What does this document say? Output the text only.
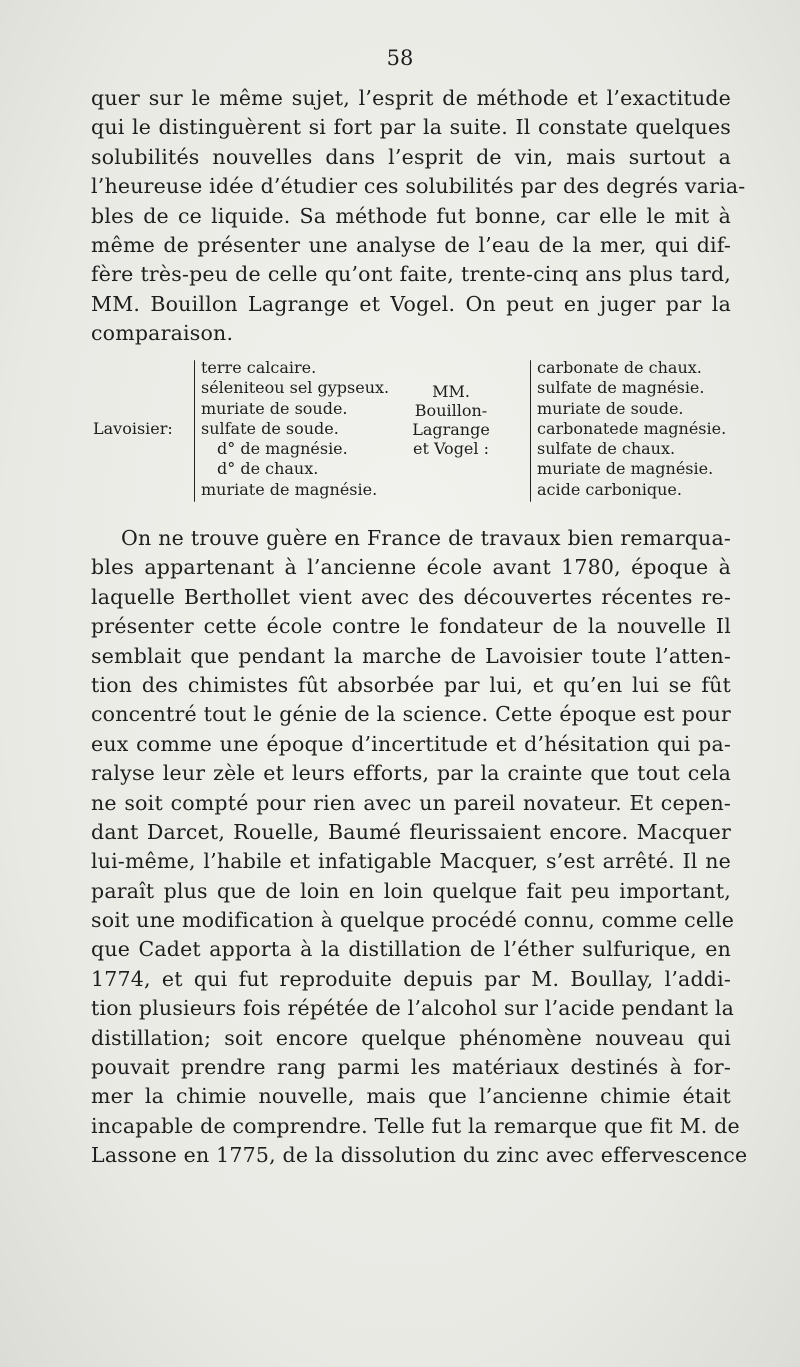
58
quer sur le même sujet, l’esprit de méthode et l’exactitude
qui le distinguèrent si fort par la suite. Il constate quelques
solubilités nouvelles dans l’esprit de vin, mais surtout a
l’heureuse idée d’étudier ces solubilités par des degrés varia-
bles de ce liquide. Sa méthode fut bonne, car elle le mit à
même de présenter une analyse de l’eau de la mer, qui dif-
fère très-peu de celle qu’ont faite, trente-cinq ans plus tard,
MM. Bouillon Lagrange et Vogel. On peut en juger par la
comparaison.
Lavoisier:
terre calcaire.
séleniteou sel gypseux.
muriate de soude.
sulfate de soude.
d° de magnésie.
d° de chaux.
muriate de magnésie.
MM.
Bouillon-
Lagrange
et Vogel :
carbonate de chaux.
sulfate de magnésie.
muriate de soude.
carbonatede magnésie.
sulfate de chaux.
muriate de magnésie.
acide carbonique.
On ne trouve guère en France de travaux bien remarqua-
bles appartenant à l’ancienne école avant 1780, époque à
laquelle Berthollet vient avec des découvertes récentes re-
présenter cette école contre le fondateur de la nouvelle Il
semblait que pendant la marche de Lavoisier toute l’atten-
tion des chimistes fût absorbée par lui, et qu’en lui se fût
concentré tout le génie de la science. Cette époque est pour
eux comme une époque d’incertitude et d’hésitation qui pa-
ralyse leur zèle et leurs efforts, par la crainte que tout cela
ne soit compté pour rien avec un pareil novateur. Et cepen-
dant Darcet, Rouelle, Baumé fleurissaient encore. Macquer
lui-même, l’habile et infatigable Macquer, s’est arrêté. Il ne
paraît plus que de loin en loin quelque fait peu important,
soit une modification à quelque procédé connu, comme celle
que Cadet apporta à la distillation de l’éther sulfurique, en
1774, et qui fut reproduite depuis par M. Boullay, l’addi-
tion plusieurs fois répétée de l’alcohol sur l’acide pendant la
distillation; soit encore quelque phénomène nouveau qui
pouvait prendre rang parmi les matériaux destinés à for-
mer la chimie nouvelle, mais que l’ancienne chimie était
incapable de comprendre. Telle fut la remarque que fit M. de
Lassone en 1775, de la dissolution du zinc avec effervescence
